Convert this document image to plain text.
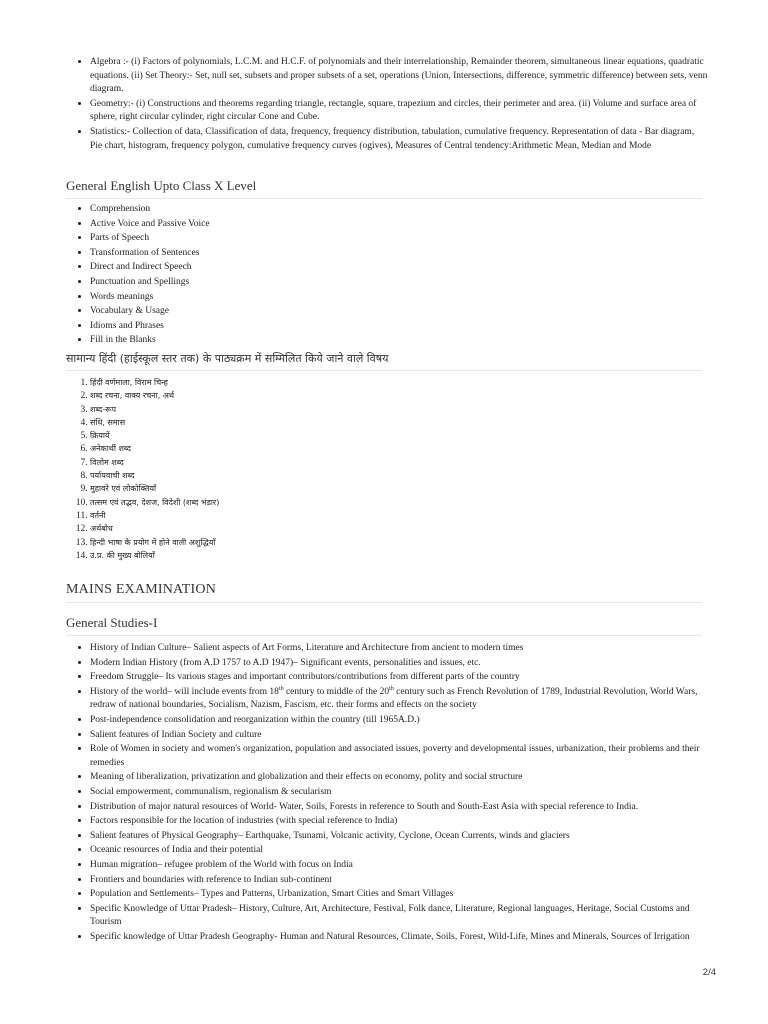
• Algebra :- (i) Factors of polynomials, L.C.M. and H.C.F. of polynomials and their interrelationship, Remainder theorem, simultaneous linear equations, quadratic equations. (ii) Set Theory:- Set, null set, subsets and proper subsets of a set, operations (Union, Intersections, difference, symmetric difference) between sets, venn diagram.
• Geometry:- (i) Constructions and theorems regarding triangle, rectangle, square, trapezium and circles, their perimeter and area. (ii) Volume and surface area of sphere, right circular cylinder, right circular Cone and Cube.
• Statistics:- Collection of data, Classification of data, frequency, frequency distribution, tabulation, cumulative frequency. Representation of data - Bar diagram, Pie chart, histogram, frequency polygon, cumulative frequency curves (ogives), Measures of Central tendency:Arithmetic Mean, Median and Mode
General English Upto Class X Level
• Comprehension
• Active Voice and Passive Voice
• Parts of Speech
• Transformation of Sentences
• Direct and Indirect Speech
• Punctuation and Spellings
• Words meanings
• Vocabulary & Usage
• Idioms and Phrases
• Fill in the Blanks
सामान्य हिंदी (हाईस्कूल स्तर तक) के पाठ्यक्रम में सम्मिलित किये जाने वाले विषय
1. हिंदी वर्णमाला, विराम चिन्ह
2. शब्द रचना, वाक्य रचना, अर्थ
3. शब्द-रूप
4. संधि, समास
5. क्रियायें
6. अनेकार्थी शब्द
7. विलोम शब्द
8. पर्यायवाची शब्द
9. मुहावरे एवं लोकोक्तियाँ
10. तत्सम एवं तद्भव, देशज, विदेशी (शब्द भंडार)
11. वर्तनी
12. अर्थबोध
13. हिन्दी भाषा के प्रयोग में होने वाली अशुद्धियाँ
14. उ.प्र. की मुख्य बोलियाँ
MAINS EXAMINATION
General Studies-I
• History of Indian Culture– Salient aspects of Art Forms, Literature and Architecture from ancient to modern times
• Modern Indian History (from A.D 1757 to A.D 1947)– Significant events, personalities and issues, etc.
• Freedom Struggle– Its various stages and important contributors/contributions from different parts of the country
• History of the world– will include events from 18th century to middle of the 20th century such as French Revolution of 1789, Industrial Revolution, World Wars, redraw of national boundaries, Socialism, Nazism, Fascism, etc. their forms and effects on the society
• Post-independence consolidation and reorganization within the country (till 1965A.D.)
• Salient features of Indian Society and culture
• Role of Women in society and women's organization, population and associated issues, poverty and developmental issues, urbanization, their problems and their remedies
• Meaning of liberalization, privatization and globalization and their effects on economy, polity and social structure
• Social empowerment, communalism, regionalism & secularism
• Distribution of major natural resources of World- Water, Soils, Forests in reference to South and South-East Asia with special reference to India.
• Factors responsible for the location of industries (with special reference to India)
• Salient features of Physical Geography– Earthquake, Tsunami, Volcanic activity, Cyclone, Ocean Currents, winds and glaciers
• Oceanic resources of India and their potential
• Human migration– refugee problem of the World with focus on India
• Frontiers and boundaries with reference to Indian sub-continent
• Population and Settlements– Types and Patterns, Urbanization, Smart Cities and Smart Villages
• Specific Knowledge of Uttar Pradesh– History, Culture, Art, Architecture, Festival, Folk dance, Literature, Regional languages, Heritage, Social Customs and Tourism
• Specific knowledge of Uttar Pradesh Geography- Human and Natural Resources, Climate, Soils, Forest, Wild-Life, Mines and Minerals, Sources of Irrigation
2/4
